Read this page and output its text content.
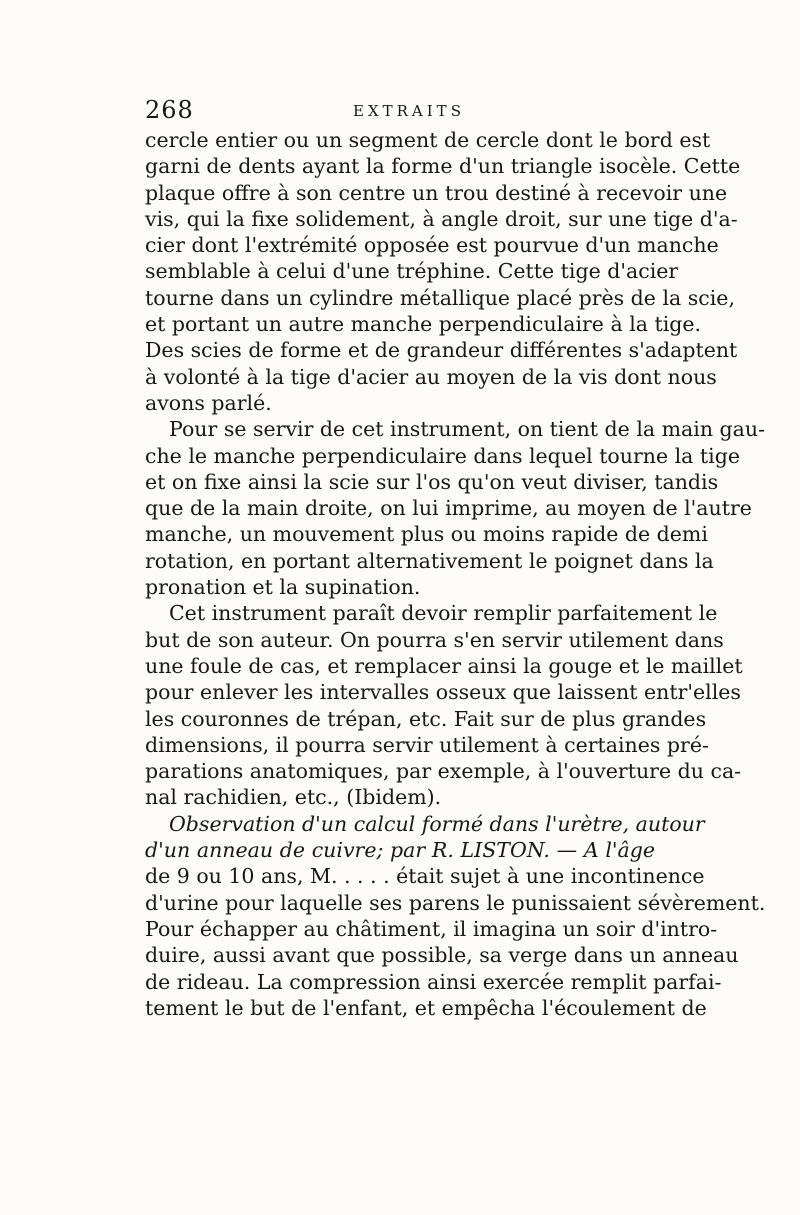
268	EXTRAITS
cercle entier ou un segment de cercle dont le bord est
garni de dents ayant la forme d'un triangle isocèle. Cette
plaque offre à son centre un trou destiné à recevoir une
vis, qui la fixe solidement, à angle droit, sur une tige d'a-
cier dont l'extrémité opposée est pourvue d'un manche
semblable à celui d'une tréphine. Cette tige d'acier
tourne dans un cylindre métallique placé près de la scie,
et portant un autre manche perpendiculaire à la tige.
Des scies de forme et de grandeur différentes s'adaptent
à volonté à la tige d'acier au moyen de la vis dont nous
avons parlé.
Pour se servir de cet instrument, on tient de la main gau-
che le manche perpendiculaire dans lequel tourne la tige
et on fixe ainsi la scie sur l'os qu'on veut diviser, tandis
que de la main droite, on lui imprime, au moyen de l'autre
manche, un mouvement plus ou moins rapide de demi
rotation, en portant alternativement le poignet dans la
pronation et la supination.
Cet instrument paraît devoir remplir parfaitement le
but de son auteur. On pourra s'en servir utilement dans
une foule de cas, et remplacer ainsi la gouge et le maillet
pour enlever les intervalles osseux que laissent entr'elles
les couronnes de trépan, etc. Fait sur de plus grandes
dimensions, il pourra servir utilement à certaines pré-
parations anatomiques, par exemple, à l'ouverture du ca-
nal rachidien, etc., (Ibidem).
Observation d'un calcul formé dans l'urètre, autour
d'un anneau de cuivre; par R. LISTON. — A l'âge
de 9 ou 10 ans, M. . . . . était sujet à une incontinence
d'urine pour laquelle ses parens le punissaient sévèrement.
Pour échapper au châtiment, il imagina un soir d'intro-
duire, aussi avant que possible, sa verge dans un anneau
de rideau. La compression ainsi exercée remplit parfai-
tement le but de l'enfant, et empêcha l'écoulement de
